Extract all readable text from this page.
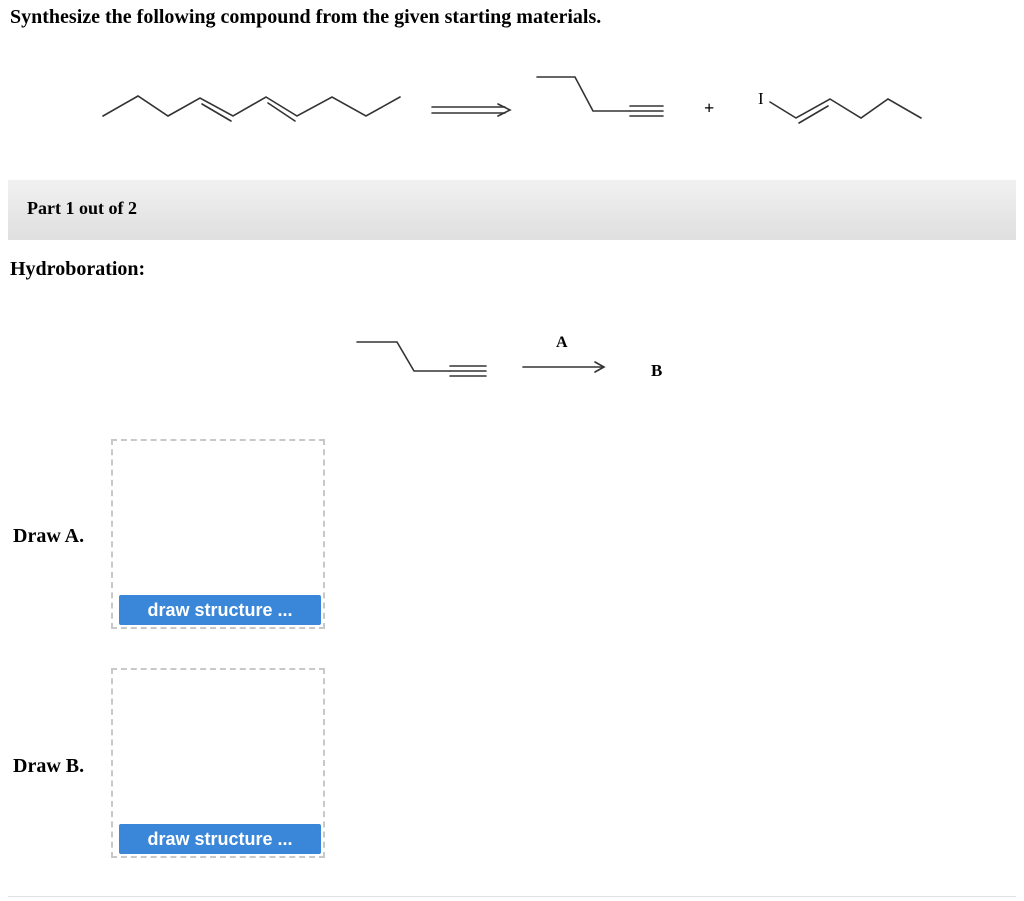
Synthesize the following compound from the given starting materials.
+	I
Part 1 out of 2
Hydroboration:
A
B
Draw A.
draw structure ...
Draw B.
draw structure ...
